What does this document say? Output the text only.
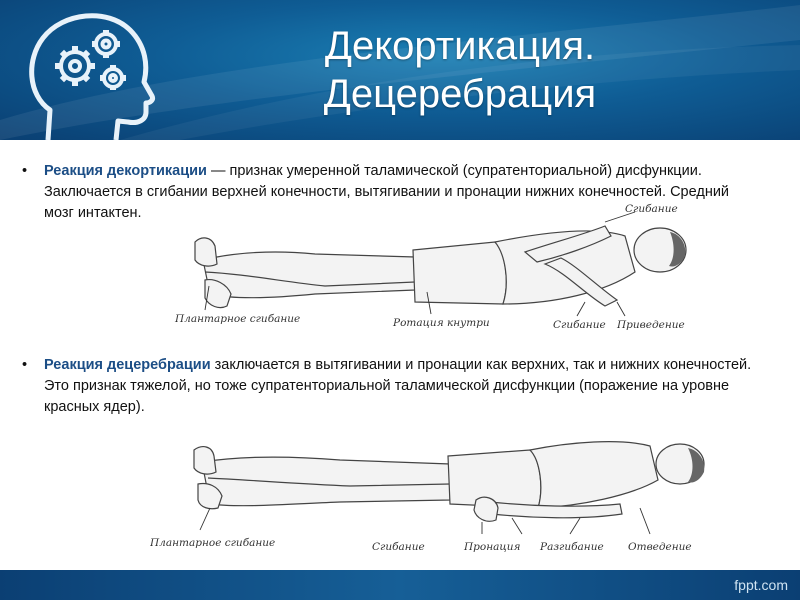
Декортикация.
Децеребрация
•	Реакция декортикации — признак умеренной таламической (супратенториальной) дисфункции. Заключается в сгибании верхней конечности, вытягивании и пронации нижних конечностей. Средний мозг интактен.	Сгибание
Плантарное сгибание	Ротация кнутри	Сгибание Приведение
•	Реакция децеребрации заключается в вытягивании и пронации как верхних, так и нижних конечностей. Это признак тяжелой, но тоже супратенториальной таламической дисфункции (поражение на уровне красных ядер).
Плантарное сгибание	Сгибание	Пронация Разгибание Отведение
fppt.com
